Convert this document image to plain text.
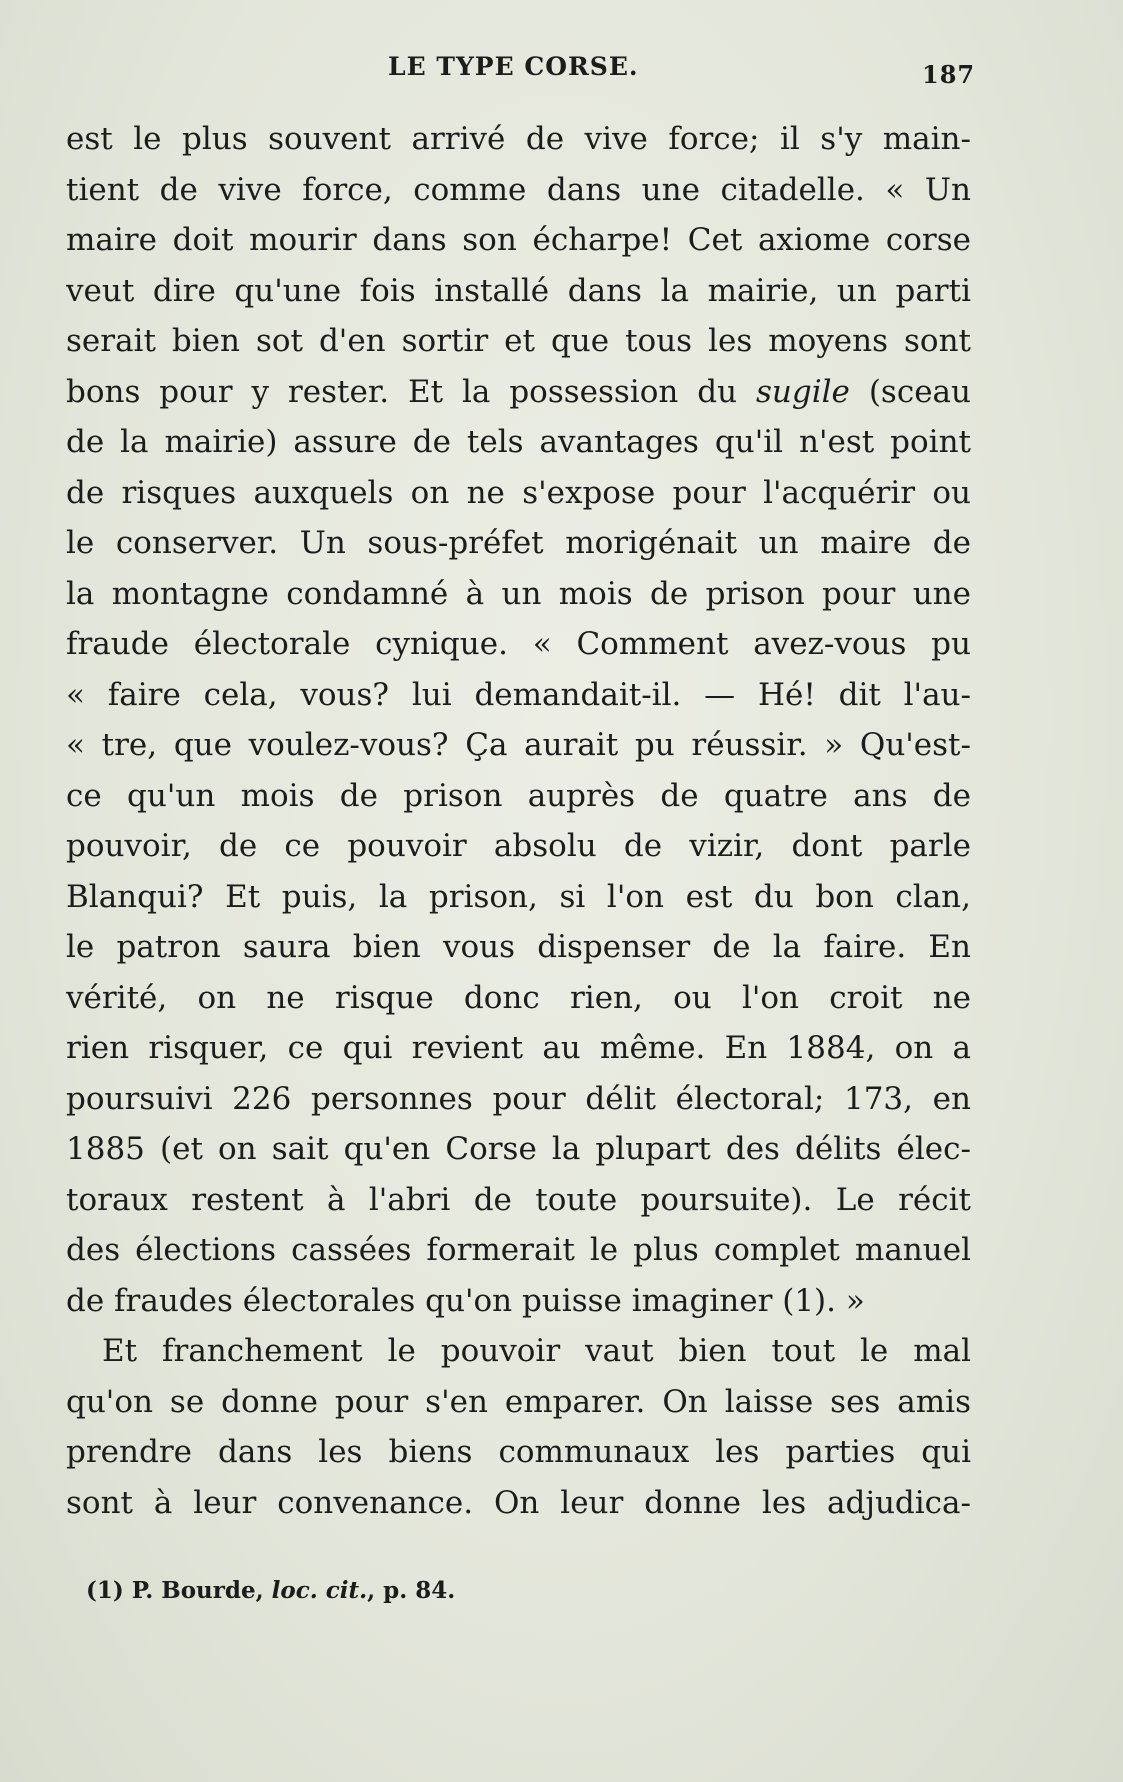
LE TYPE CORSE.	187
est le plus souvent arrivé de vive force; il s'y main-
tient de vive force, comme dans une citadelle. « Un
maire doit mourir dans son écharpe! Cet axiome corse
veut dire qu'une fois installé dans la mairie, un parti
serait bien sot d'en sortir et que tous les moyens sont
bons pour y rester. Et la possession du sugile (sceau
de la mairie) assure de tels avantages qu'il n'est point
de risques auxquels on ne s'expose pour l'acquérir ou
le conserver. Un sous-préfet morigénait un maire de
la montagne condamné à un mois de prison pour une
fraude électorale cynique. « Comment avez-vous pu
« faire cela, vous? lui demandait-il. — Hé! dit l'au-
« tre, que voulez-vous? Ça aurait pu réussir. » Qu'est-
ce qu'un mois de prison auprès de quatre ans de
pouvoir, de ce pouvoir absolu de vizir, dont parle
Blanqui? Et puis, la prison, si l'on est du bon clan,
le patron saura bien vous dispenser de la faire. En
vérité, on ne risque donc rien, ou l'on croit ne
rien risquer, ce qui revient au même. En 1884, on a
poursuivi 226 personnes pour délit électoral; 173, en
1885 (et on sait qu'en Corse la plupart des délits élec-
toraux restent à l'abri de toute poursuite). Le récit
des élections cassées formerait le plus complet manuel
de fraudes électorales qu'on puisse imaginer (1). »
Et franchement le pouvoir vaut bien tout le mal
qu'on se donne pour s'en emparer. On laisse ses amis
prendre dans les biens communaux les parties qui
sont à leur convenance. On leur donne les adjudica-
(1) P. Bourde, loc. cit., p. 84.
